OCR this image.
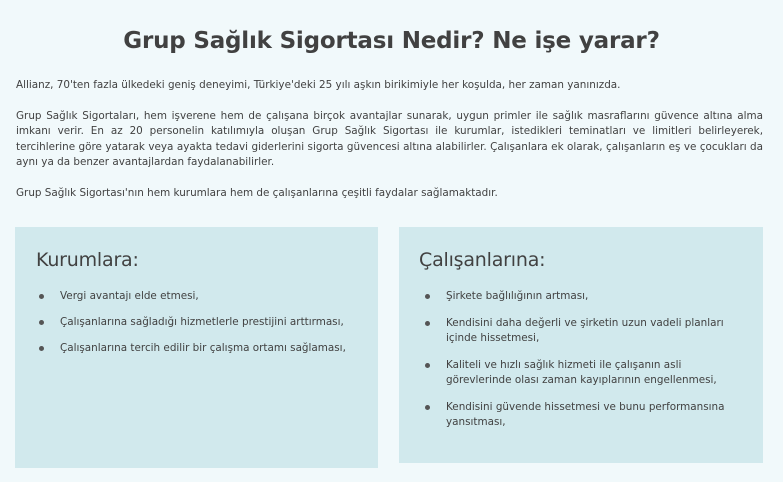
Grup Sağlık Sigortası Nedir? Ne işe yarar?

Allianz, 70'ten fazla ülkedeki geniş deneyimi, Türkiye'deki 25 yılı aşkın birikimiyle her koşulda, her zaman yanınızda.

Grup Sağlık Sigortaları, hem işverene hem de çalışana birçok avantajlar sunarak, uygun primler ile sağlık masraflarını güvence altına alma imkanı verir. En az 20 personelin katılımıyla oluşan Grup Sağlık Sigortası ile kurumlar, istedikleri teminatları ve limitleri belirleyerek, tercihlerine göre yatarak veya ayakta tedavi giderlerini sigorta güvencesi altına alabilirler. Çalışanlara ek olarak, çalışanların eş ve çocukları da aynı ya da benzer avantajlardan faydalanabilirler.

Grup Sağlık Sigortası'nın hem kurumlara hem de çalışanlarına çeşitli faydalar sağlamaktadır.

Kurumlara:
Vergi avantajı elde etmesi,
Çalışanlarına sağladığı hizmetlerle prestijini arttırması,
Çalışanlarına tercih edilir bir çalışma ortamı sağlaması,
Çalışanlarına:
Şirkete bağlılığının artması,
Kendisini daha değerli ve şirketin uzun vadeli planları içinde hissetmesi,
Kaliteli ve hızlı sağlık hizmeti ile çalışanın asli görevlerinde olası zaman kayıplarının engellenmesi,
Kendisini güvende hissetmesi ve bunu performansına yansıtması,
